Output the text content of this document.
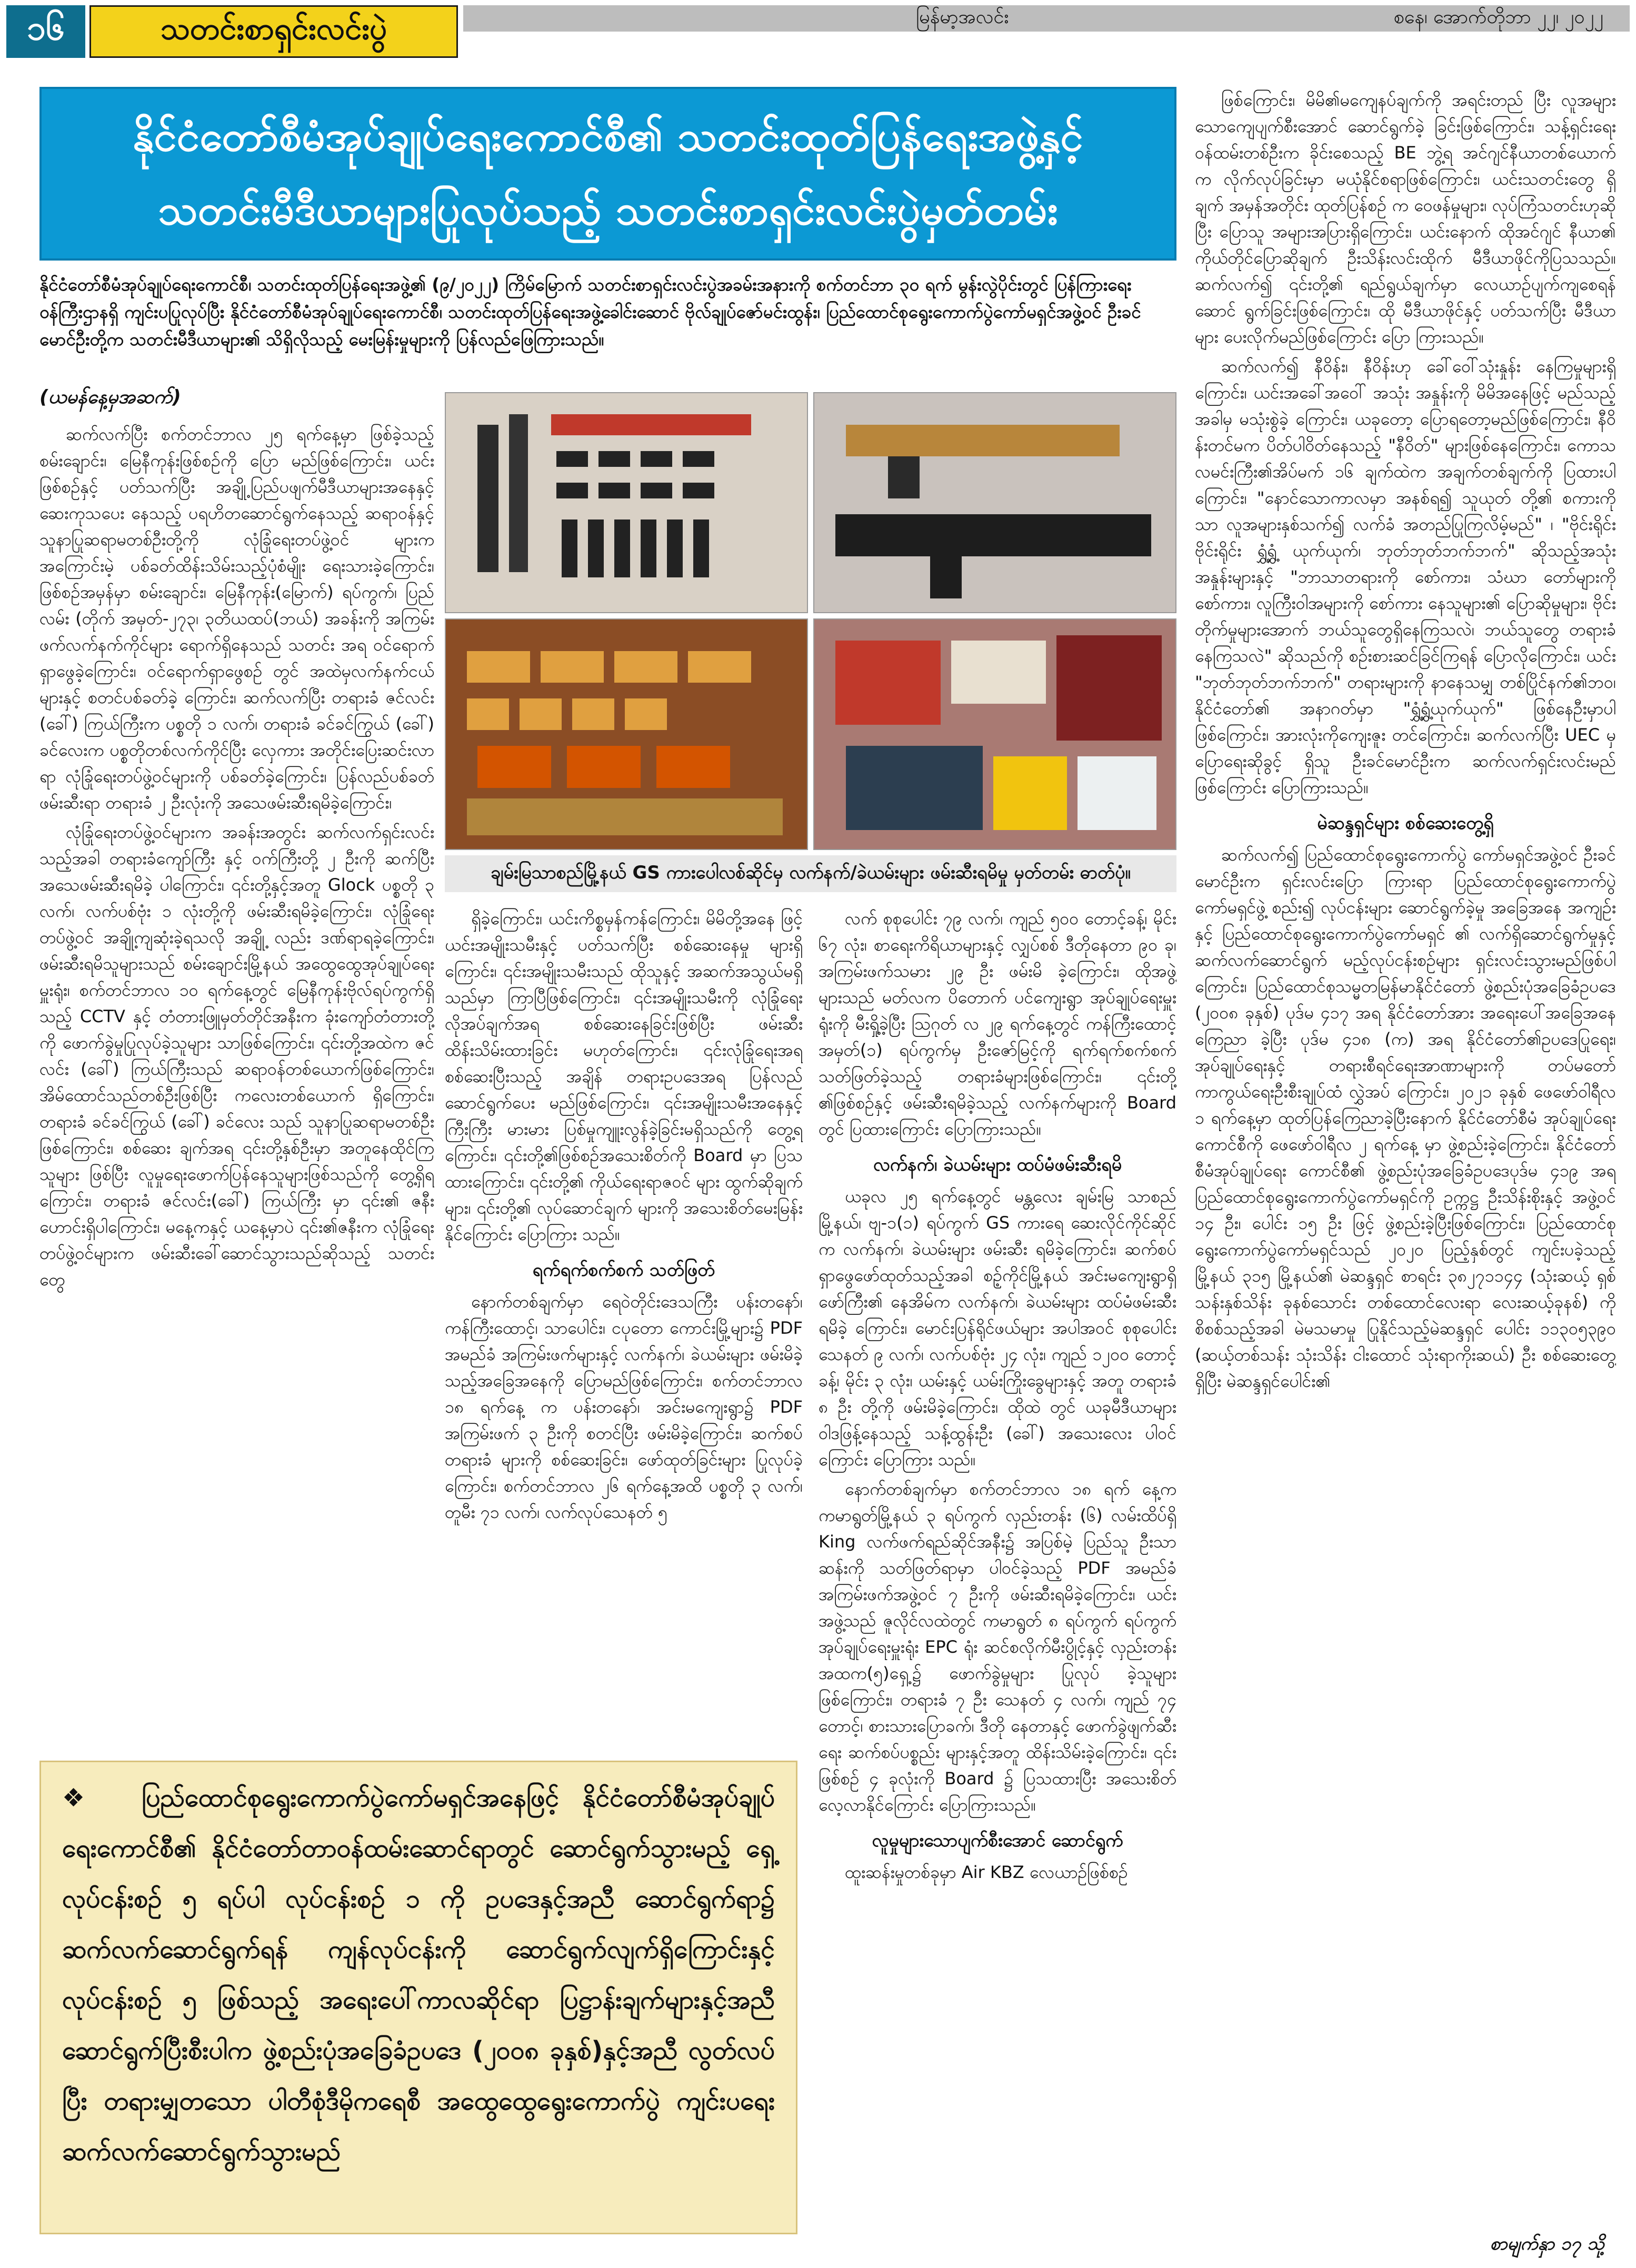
၁၆	သတင်းစာရှင်းလင်းပွဲ	မြန်မာ့အလင်း	စနေ၊ အောက်တိုဘာ ၂၂၊ ၂၀၂၂
နိုင်ငံတော်စီမံအုပ်ချုပ်ရေးကောင်စီ၏ သတင်းထုတ်ပြန်ရေးအဖွဲ့နှင့်
သတင်းမီဒီယာများပြုလုပ်သည့် သတင်းစာရှင်းလင်းပွဲမှတ်တမ်း
နိုင်ငံတော်စီမံအုပ်ချုပ်ရေးကောင်စီ၊ သတင်းထုတ်ပြန်ရေးအဖွဲ့၏ (၉/၂၀၂၂) ကြိမ်မြောက် သတင်းစာရှင်းလင်းပွဲအခမ်းအနားကို စက်တင်ဘာ ၃၀ ရက် မွန်းလွဲပိုင်းတွင် ပြန်ကြားရေးဝန်ကြီးဌာနရှိ ကျင်းပပြုလုပ်ပြီး နိုင်ငံတော်စီမံအုပ်ချုပ်ရေးကောင်စီ၊ သတင်းထုတ်ပြန်ရေးအဖွဲ့ခေါင်းဆောင် ဗိုလ်ချုပ်ဇော်မင်းထွန်း၊ ပြည်ထောင်စုရွေးကောက်ပွဲကော်မရှင်အဖွဲ့ဝင် ဦးခင်မောင်ဦးတို့က သတင်းမီဒီယာများ၏ သိရှိလိုသည့် မေးမြန်းမှုများကို ပြန်လည်ဖြေကြားသည်။
(ယမန်နေ့မှအဆက်)

ဆက်လက်ပြီး စက်တင်ဘာလ ၂၅ ရက်နေ့မှာ ဖြစ်ခဲ့သည့် စမ်းချောင်း၊ မြေနီကုန်းဖြစ်စဉ်ကို ပြော မည်ဖြစ်ကြောင်း၊ ယင်းဖြစ်စဉ်နှင့် ပတ်သက်ပြီး အချို့ပြည်ပဖျက်မီဒီယာများအနေနှင့် ဆေးကုသပေး နေသည့် ပရဟိတဆောင်ရွက်နေသည့် ဆရာဝန်နှင့် သူနာပြုဆရာမတစ်ဦးတို့ကို လုံခြုံရေးတပ်ဖွဲ့ဝင် များက အကြောင်းမဲ့ ပစ်ခတ်ထိန်းသိမ်းသည့်ပုံစံမျိုး ရေးသားခဲ့ကြောင်း၊ ဖြစ်စဉ်အမှန်မှာ စမ်းချောင်း၊ မြေနီကုန်း(မြောက်) ရပ်ကွက်၊ ပြည်လမ်း (တိုက် အမှတ်-၂၇၃၊ ၃တိယထပ်(ဘယ်) အခန်းကို အကြမ်း ဖက်လက်နက်ကိုင်များ ရောက်ရှိနေသည် သတင်း အရ ဝင်ရောက်ရှာဖွေခဲ့ကြောင်း၊ ဝင်ရောက်ရှာဖွေစဉ် တွင် အထဲမှလက်နက်ငယ်များနှင့် စတင်ပစ်ခတ်ခဲ့ ကြောင်း၊ ဆက်လက်ပြီး တရားခံ ဇင်လင်း (ခေါ်) ကြယ်ကြီးက ပစ္စတို ၁ လက်၊ တရားခံ ခင်ခင်ကြွယ် (ခေါ်) ခင်လေးက ပစ္စတိုတစ်လက်ကိုင်ပြီး လှေကား အတိုင်းပြေးဆင်းလာရာ လုံခြုံရေးတပ်ဖွဲ့ဝင်များကို ပစ်ခတ်ခဲ့ကြောင်း၊ ပြန်လည်ပစ်ခတ် ဖမ်းဆီးရာ တရားခံ ၂ ဦးလုံးကို အသေဖမ်းဆီးရမိခဲ့ကြောင်း၊

လုံခြုံရေးတပ်ဖွဲ့ဝင်များက အခန်းအတွင်း ဆက်လက်ရှင်းလင်းသည့်အခါ တရားခံကျော်ကြီး နှင့် ဝက်ကြီးတို့ ၂ ဦးကို ဆက်ပြီး အသေဖမ်းဆီးရမိခဲ့ ပါကြောင်း၊ ၎င်းတို့နှင့်အတူ Glock ပစ္စတို ၃ လက်၊ လက်ပစ်ဗုံး ၁ လုံးတို့ကို ဖမ်းဆီးရမိခဲ့ကြောင်း၊ လုံခြုံရေးတပ်ဖွဲ့ဝင် အချို့ကျဆုံးခဲ့ရသလို အချို့ လည်း ဒဏ်ရာရခဲ့ကြောင်း၊ ဖမ်းဆီးရမိသူများသည် စမ်းချောင်းမြို့နယ် အထွေထွေအုပ်ချုပ်ရေးမှူးရုံး၊ စက်တင်ဘာလ ၁၀ ရက်နေ့တွင် မြေနီကုန်းဗိုလ်ရပ်ကွက်ရှိသည့် CCTV နှင့် တံတားဖြူမှတ်တိုင်အနီးက ခုံးကျော်တံတားတို့ကို ဖောက်ခွဲမှုပြုလုပ်ခဲ့သူများ သာဖြစ်ကြောင်း၊ ၎င်းတို့အထဲက ဇင်လင်း (ခေါ်) ကြယ်ကြီးသည် ဆရာဝန်တစ်ယောက်ဖြစ်ကြောင်း၊ အိမ်ထောင်သည်တစ်ဦးဖြစ်ပြီး ကလေးတစ်ယောက် ရှိကြောင်း၊ တရားခံ ခင်ခင်ကြွယ် (ခေါ်) ခင်လေး သည် သူနာပြုဆရာမတစ်ဦးဖြစ်ကြောင်း၊ စစ်ဆေး ချက်အရ ၎င်းတို့နှစ်ဦးမှာ အတူနေထိုင်ကြသူများ ဖြစ်ပြီး လူမှုရေးဖောက်ပြန်နေသူများဖြစ်သည်ကို တွေ့ရှိရကြောင်း၊ တရားခံ ဇင်လင်း(ခေါ်) ကြယ်ကြီး မှာ ၎င်း၏ ဇနီးဟောင်းရှိပါကြောင်း၊ မနေ့ကနှင့် ယနေ့မှာပဲ ၎င်း၏ဇနီးက လုံခြုံရေးတပ်ဖွဲ့ဝင်များက ဖမ်းဆီးခေါ်ဆောင်သွားသည်ဆိုသည့် သတင်းတွေ

ချမ်းမြသာစည်မြို့နယ် GS ကားပေါလစ်ဆိုင်မှ လက်နက်/ခဲယမ်းများ ဖမ်းဆီးရမိမှု မှတ်တမ်း ဓာတ်ပုံ။

ရှိခဲ့ကြောင်း၊ ယင်းကိစ္စမှန်ကန်ကြောင်း၊ မိမိတို့အနေ ဖြင့် ယင်းအမျိုးသမီးနှင့် ပတ်သက်ပြီး စစ်ဆေးနေမှု များရှိကြောင်း၊ ၎င်းအမျိုးသမီးသည် ထိုသူနှင့် အဆက်အသွယ်မရှိသည်မှာ ကြာပြီဖြစ်ကြောင်း၊ ၎င်းအမျိုးသမီးကို လုံခြုံရေး လိုအပ်ချက်အရ စစ်ဆေးနေခြင်းဖြစ်ပြီး ဖမ်းဆီးထိန်းသိမ်းထားခြင်း မဟုတ်ကြောင်း၊ ၎င်းလုံခြုံရေးအရ စစ်ဆေးပြီးသည့် အချိန် တရားဥပဒေအရ ပြန်လည်ဆောင်ရွက်ပေး မည်ဖြစ်ကြောင်း၊ ၎င်းအမျိုးသမီးအနေနှင့် ကြီးကြီး မားမား ပြစ်မှုကျူးလွန်ခဲ့ခြင်းမရှိသည်ကို တွေ့ရ ကြောင်း၊ ၎င်းတို့၏ဖြစ်စဉ်အသေးစိတ်ကို Board မှာ ပြသထားကြောင်း၊ ၎င်းတို့၏ ကိုယ်ရေးရာဇဝင် များ ထွက်ဆိုချက်များ၊ ၎င်းတို့၏ လုပ်ဆောင်ချက် များကို အသေးစိတ်မေးမြန်းနိုင်ကြောင်း ပြောကြား သည်။

ရက်ရက်စက်စက် သတ်ဖြတ်

နောက်တစ်ချက်မှာ ရေဝဲတိုင်းဒေသကြီး ပန်းတနော်၊ ကန်ကြီးထောင့်၊ သာပေါင်း၊ ငပုတော ကောင်းမြို့များ၌ PDF အမည်ခံ အကြမ်းဖက်များနှင့် လက်နက်၊ ခဲယမ်းများ ဖမ်းမိခဲ့သည့်အခြေအနေကို ပြောမည်ဖြစ်ကြောင်း၊ စက်တင်ဘာလ ၁၈ ရက်နေ့ က ပန်းတနော်၊ အင်းမကျေးရွာ၌ PDF အကြမ်းဖက် ၃ ဦးကို စတင်ပြီး ဖမ်းမိခဲ့ကြောင်း၊ ဆက်စပ်တရားခံ များကို စစ်ဆေးခြင်း၊ ဖော်ထုတ်ခြင်းများ ပြုလုပ်ခဲ့ ကြောင်း၊ စက်တင်ဘာလ ၂၆ ရက်နေ့အထိ ပစ္စတို ၃ လက်၊ တူမီး ၇၁ လက်၊ လက်လုပ်သေနတ် ၅

လက် စုစုပေါင်း ၇၉ လက်၊ ကျည် ၅၀၀ တောင့်ခန့်၊ မိုင်း ၆၇ လုံး၊ စာရေးကိရိယာများနှင့် လျှပ်စစ် ဒီတိုနေတာ ၉၀ ခု၊ အကြမ်းဖက်သမား ၂၉ ဦး ဖမ်းမိ ခဲ့ကြောင်း၊ ထိုအဖွဲ့များသည် မတ်လက ပိတောက် ပင်ကျေးရွာ အုပ်ချုပ်ရေးမှူးရုံးကို မီးရှို့ခဲ့ပြီး ဩဂုတ် လ ၂၉ ရက်နေ့တွင် ကန်ကြီးထောင့် အမှတ်(၁) ရပ်ကွက်မှ ဦးဇော်မြင့်ကို ရက်ရက်စက်စက် သတ်ဖြတ်ခဲ့သည့် တရားခံများဖြစ်ကြောင်း၊ ၎င်းတို့ ၏ဖြစ်စဉ်နှင့် ဖမ်းဆီးရမိခဲ့သည့် လက်နက်များကို Board တွင် ပြထားကြောင်း ပြောကြားသည်။

လက်နက်၊ ခဲယမ်းများ ထပ်မံဖမ်းဆီးရမိ

ယခုလ ၂၅ ရက်နေ့တွင် မန္တလေး ချမ်းမြ သာစည်မြို့နယ်၊ ဗျ-၁(၁) ရပ်ကွက် GS ကားရေ ဆေးလိုင်ကိုင်ဆိုင်က လက်နက်၊ ခဲယမ်းများ ဖမ်းဆီး ရမိခဲ့ကြောင်း၊ ဆက်စပ် ရှာဖွေဖော်ထုတ်သည့်အခါ စဉ့်ကိုင်မြို့နယ် အင်းမကျေးရွာရှိ ဖော်ကြီး၏ နေအိမ်က လက်နက်၊ ခဲယမ်းများ ထပ်မံဖမ်းဆီးရမိခဲ့ ကြောင်း၊ မောင်းပြန်ရိုင်ဖယ်များ အပါအဝင် စုစုပေါင်း သေနတ် ၉ လက်၊ လက်ပစ်ဗုံး ၂၄ လုံး၊ ကျည် ၁၂၀၀ တောင့်ခန့်၊ မိုင်း ၃ လုံး၊ ယမ်းနှင့် ယမ်းကြိုးခွေများနှင့် အတူ တရားခံ ၈ ဦး တို့ကို ဖမ်းမိခဲ့ကြောင်း၊ ထိုထဲ တွင် ယခုမီဒီယာများဝါဒဖြန့်နေသည့် သန့်ထွန်းဦး (ခေါ်) အသေးလေး ပါဝင်ကြောင်း ပြောကြား သည်။

နောက်တစ်ချက်မှာ စက်တင်ဘာလ ၁၈ ရက် နေ့က ကမာရွတ်မြို့နယ် ၃ ရပ်ကွက် လှည်းတန်း (၆) လမ်းထိပ်ရှိ King လက်ဖက်ရည်ဆိုင်အနီး၌ အပြစ်မဲ့ ပြည်သူ ဦးသာဆန်းကို သတ်ဖြတ်ရာမှာ ပါဝင်ခဲ့သည့် PDF အမည်ခံ အကြမ်းဖက်အဖွဲ့ဝင် ၇ ဦးကို ဖမ်းဆီးရမိခဲ့ကြောင်း၊ ယင်းအဖွဲ့သည် ဇူလိုင်လထဲတွင် ကမာရွတ် ၈ ရပ်ကွက် ရပ်ကွက် အုပ်ချုပ်ရေးမှူးရုံး EPC ရုံး ဆင်စလိုက်မီးပွိုင့်နှင့် လှည်းတန်းအထက(၅)ရှေ့၌ ဖောက်ခွဲမှုများ ပြုလုပ် ခဲ့သူများဖြစ်ကြောင်း၊ တရားခံ ၇ ဦး သေနတ် ၄ လက်၊ ကျည် ၇၄ တောင့်၊ စားသားပြောခက်၊ ဒီတို နေတာနှင့် ဖောက်ခွဲဖျက်ဆီးရေး ဆက်စပ်ပစ္စည်း များနှင့်အတူ ထိန်းသိမ်းခဲ့ကြောင်း၊ ၎င်းဖြစ်စဉ် ၄ ခုလုံးကို Board ၌ ပြသထားပြီး အသေးစိတ် လေ့လာနိုင်ကြောင်း ပြောကြားသည်။

လူမှုများသောပျက်စီးအောင် ဆောင်ရွက်

ထူးဆန်းမှုတစ်ခုမှာ Air KBZ လေယာဉ်ဖြစ်စဉ်

ဖြစ်ကြောင်း၊ မိမိ၏မကျေနပ်ချက်ကို အရင်းတည် ပြီး လူအများသောကျေပျက်စီးအောင် ဆောင်ရွက်ခဲ့ ခြင်းဖြစ်ကြောင်း၊ သန့်ရှင်းရေးဝန်ထမ်းတစ်ဦးက ခိုင်းစေသည့် BE ဘွဲ့ရ အင်ဂျင်နီယာတစ်ယောက် က လိုက်လုပ်ခြင်းမှာ မယုံနိုင်စရာဖြစ်ကြောင်း၊ ယင်းသတင်းတွေ ရှိချက် အမှန်အတိုင်း ထုတ်ပြန်စဉ် က ဝေဖန်မှုများ၊ လုပ်ကြံသတင်းဟုဆိုပြီး ပြောသူ အများအပြားရှိကြောင်း၊ ယင်းနောက် ထိုအင်ဂျင် နီယာ၏ ကိုယ်တိုင်ပြောဆိုချက် ဦးသိန်းလင်းထိုက် မီဒီယာဖိုင်ကိုပြသသည်။ ဆက်လက်၍ ၎င်းတို့၏ ရည်ရွယ်ချက်မှာ လေယာဉ်ပျက်ကျစေရန် ဆောင် ရွက်ခြင်းဖြစ်ကြောင်း၊ ထို မီဒီယာဖိုင်နှင့် ပတ်သက်ပြီး မီဒီယာများ ပေးလိုက်မည်ဖြစ်ကြောင်း ပြော ကြားသည်။

ဆက်လက်၍ နီဝိန်း၊ နီဝိန်းဟု ခေါ်ဝေါ်သုံးနှုန်း နေကြမှုများရှိကြောင်း၊ ယင်းအခေါ်အဝေါ် အသုံး အနှုန်းကို မိမိအနေဖြင့် မည်သည့်အခါမှ မသုံးစွဲခဲ့ ကြောင်း၊ ယခုတော့ ပြောရတော့မည်ဖြစ်ကြောင်း၊ နီဝိန်းတင်မက ပိတ်ပါဝိတ်နေသည့် "နီဝိတ်" များဖြစ်နေကြောင်း၊ ကောသလမင်းကြီး၏အိပ်မက် ၁၆ ချက်ထဲက အချက်တစ်ချက်ကို ပြထားပါ ကြောင်း၊ "နောင်သောကာလမှာ အနစ်ရ၍ သူယုတ် တို့၏ စကားကိုသာ လူအများနှစ်သက်၍ လက်ခံ အတည်ပြုကြလိမ့်မည်" ၊ "ဗိုင်းရိုင်းဗိုင်းရိုင်း ရွှံ့ရွှံ့ ယုက်ယုက်၊ ဘုတ်ဘုတ်ဘက်ဘက်" ဆိုသည့်အသုံး အနှုန်းများနှင့် "ဘာသာတရားကို စော်ကား၊ သံဃာ တော်များကို စော်ကား၊ လူကြီးဝါအများကို စော်ကား နေသူများ၏ ပြောဆိုမှုများ၊ ဗိုင်းတိုက်မှုများအောက် ဘယ်သူတွေရှိနေကြသလဲ၊ ဘယ်သူတွေ တရားခံ နေကြသလဲ" ဆိုသည်ကို စဉ်းစားဆင်ခြင်ကြရန် ပြောလိုကြောင်း၊ ယင်း "ဘုတ်ဘုတ်ဘက်ဘက်" တရားများကို နာနေသမျှ တစ်ပြိုင်နက်၏ဘဝ၊ နိုင်ငံတော်၏ အနာဂတ်မှာ "ရွှံ့ရွှံ့ယုက်ယုက်" ဖြစ်နေဦးမှာပါဖြစ်ကြောင်း၊ အားလုံးကိုကျေးဇူး တင်ကြောင်း၊ ဆက်လက်ပြီး UEC မှ ပြောရေးဆိုခွင့် ရှိသူ ဦးခင်မောင်ဦးက ဆက်လက်ရှင်းလင်းမည် ဖြစ်ကြောင်း ပြောကြားသည်။

မဲဆန္ဒရှင်များ စစ်ဆေးတွေ့ရှိ

ဆက်လက်၍ ပြည်ထောင်စုရွေးကောက်ပွဲ ကော်မရှင်အဖွဲ့ဝင် ဦးခင်မောင်ဦးက ရှင်းလင်းပြော ကြားရာ ပြည်ထောင်စုရွေးကောက်ပွဲကော်မရှင်ဖွဲ့ စည်း၍ လုပ်ငန်းများ ဆောင်ရွက်ခဲ့မှု အခြေအနေ အကျဉ်းနှင့် ပြည်ထောင်စုရွေးကောက်ပွဲကော်မရှင် ၏ လက်ရှိဆောင်ရွက်မှုနှင့် ဆက်လက်ဆောင်ရွက် မည့်လုပ်ငန်းစဉ်များ ရှင်းလင်းသွားမည်ဖြစ်ပါ ကြောင်း၊ ပြည်ထောင်စုသမ္မတမြန်မာနိုင်ငံတော် ဖွဲ့စည်းပုံအခြေခံဥပဒေ (၂၀၀၈ ခုနှစ်) ပုဒ်မ ၄၁၇ အရ နိုင်ငံတော်အား အရေးပေါ်အခြေအနေကြေညာ ခဲ့ပြီး ပုဒ်မ ၄၁၈ (က) အရ နိုင်ငံတော်၏ဥပဒေပြုရေး၊ အုပ်ချုပ်ရေးနှင့် တရားစီရင်ရေးအာဏာများကို တပ်မတော်ကာကွယ်ရေးဦးစီးချုပ်ထံ လွှဲအပ် ကြောင်း၊ ၂၀၂၁ ခုနှစ် ဖေဖော်ဝါရီလ ၁ ရက်နေ့မှာ ထုတ်ပြန်ကြေညာခဲ့ပြီးနောက် နိုင်ငံတော်စီမံ အုပ်ချုပ်ရေးကောင်စီကို ဖေဖော်ဝါရီလ ၂ ရက်နေ့ မှာ ဖွဲ့စည်းခဲ့ကြောင်း၊ နိုင်ငံတော်စီမံအုပ်ချုပ်ရေး ကောင်စီ၏ ဖွဲ့စည်းပုံအခြေခံဥပဒေပုဒ်မ ၄၁၉ အရ ပြည်ထောင်စုရွေးကောက်ပွဲကော်မရှင်ကို ဥက္ကဋ္ဌ ဦးသိန်းစိုးနှင့် အဖွဲ့ဝင် ၁၄ ဦး၊ ပေါင်း ၁၅ ဦး ဖြင့် ဖွဲ့စည်းခဲ့ပြီးဖြစ်ကြောင်း၊ ပြည်ထောင်စု ရွေးကောက်ပွဲကော်မရှင်သည် ၂၀၂၀ ပြည့်နှစ်တွင် ကျင်းပခဲ့သည့် မြို့နယ် ၃၁၅ မြို့နယ်၏ မဲဆန္ဒရှင် စာရင်း ၃၈၂၇၁၁၄၄ (သုံးဆယ့် ရှစ်သန်းနှစ်သိန်း ခုနစ်သောင်း တစ်ထောင်လေးရာ လေးဆယ့်ခုနစ်) ကို စိစစ်သည့်အခါ မဲမသမာမှု ပြုနိုင်သည့်မဲဆန္ဒရှင် ပေါင်း ၁၁၃၀၅၃၉၀ (ဆယ့်တစ်သန်း သုံးသိန်း ငါးထောင် သုံးရာကိုးဆယ်) ဦး စစ်ဆေးတွေ့ရှိပြီး မဲဆန္ဒရှင်ပေါင်း၏

❖ ပြည်ထောင်စုရွေးကောက်ပွဲကော်မရှင်အနေဖြင့် နိုင်ငံတော်စီမံအုပ်ချုပ်ရေးကောင်စီ၏ နိုင်ငံတော်တာဝန်ထမ်းဆောင်ရာတွင် ဆောင်ရွက်သွားမည့် ရှေ့လုပ်ငန်းစဉ် ၅ ရပ်ပါ လုပ်ငန်းစဉ် ၁ ကို ဥပဒေနှင့်အညီ ဆောင်ရွက်ရာ၌ ဆက်လက်ဆောင်ရွက်ရန် ကျန်လုပ်ငန်းကို ဆောင်ရွက်လျက်ရှိကြောင်းနှင့် လုပ်ငန်းစဉ် ၅ ဖြစ်သည့် အရေးပေါ်ကာလဆိုင်ရာ ပြဋ္ဌာန်းချက်များနှင့်အညီ ဆောင်ရွက်ပြီးစီးပါက ဖွဲ့စည်းပုံအခြေခံဥပဒေ (၂၀၀၈ ခုနှစ်)နှင့်အညီ လွတ်လပ်ပြီး တရားမျှတသော ပါတီစုံဒီမိုကရေစီ အထွေထွေရွေးကောက်ပွဲ ကျင်းပရေး ဆက်လက်ဆောင်ရွက်သွားမည်
စာမျက်နှာ ၁၇ သို့
